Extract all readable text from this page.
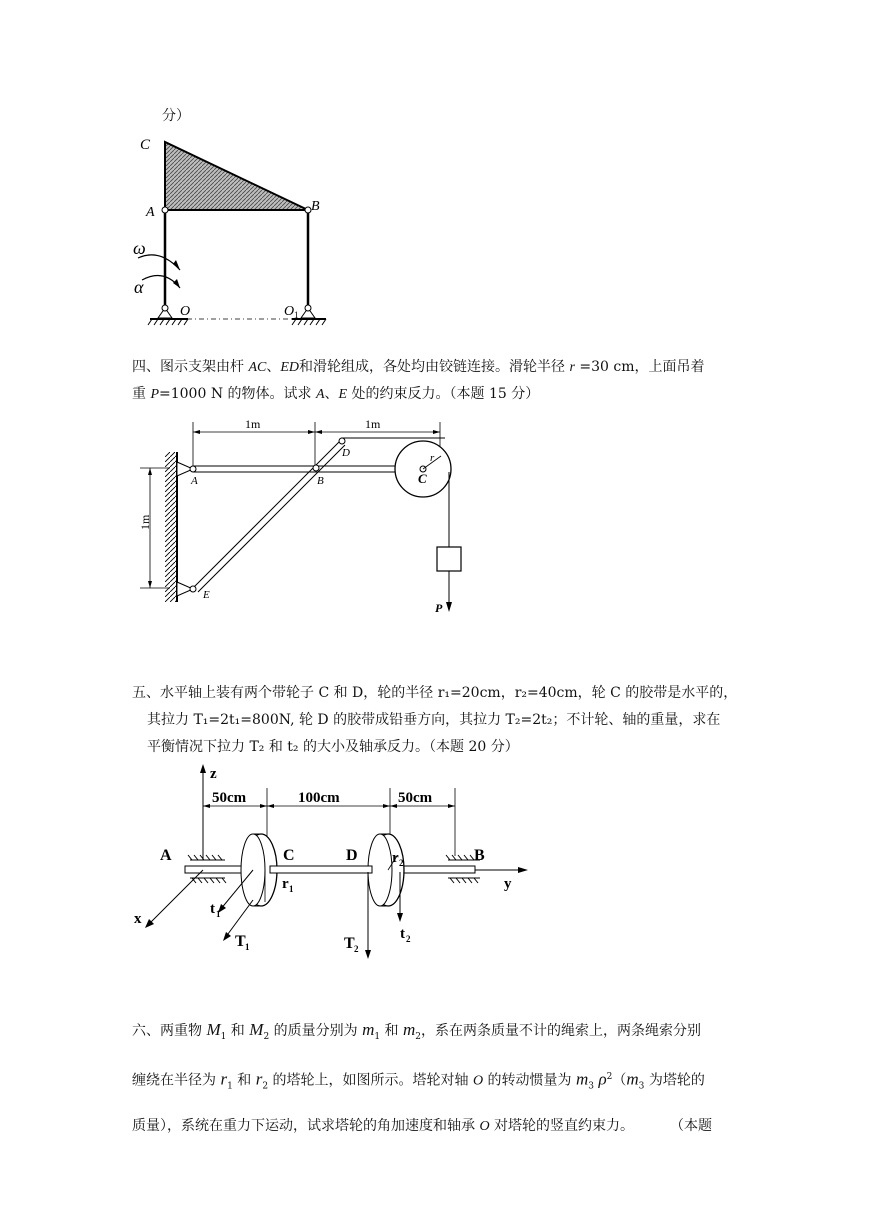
分）
C
A	B
ω
α
O	O 1
四、图示支架由杆 AC、ED和滑轮组成，各处均由铰链连接。滑轮半径 r =30 cm，上面吊着
重 P=1000 N 的物体。试求 A、E 处的约束反力。（本题 15 分）
1m	1m
1m
A	B	C
D
E
r
P
五、水平轴上装有两个带轮子 C 和 D，轮的半径 r₁=20cm，r₂=40cm，轮 C 的胶带是水平的，
其拉力 T₁=2t₁=800N, 轮 D 的胶带成铅垂方向，其拉力 T₂=2t₂；不计轮、轴的重量，求在
平衡情况下拉力 T₂ 和 t₂ 的大小及轴承反力。（本题 20 分）
z
50cm	100cm	50cm
y
x
A	C	D	B
r 1
r 2
t 1
T 1	T 2
t 2
六、两重物 $M_1$ 和 $M_2$ 的质量分别为 $m_1$ 和 $m_2$，系在两条质量不计的绳索上，两条绳索分别
缠绕在半径为 $r_1$ 和 $r_2$ 的塔轮上，如图所示。塔轮对轴 O 的转动惯量为 $m_3$ $\rho^2(m_3$ 为塔轮的
质量），系统在重力下运动，试求塔轮的角加速度和轴承 O 对塔轮的竖直约束力。	（本题
